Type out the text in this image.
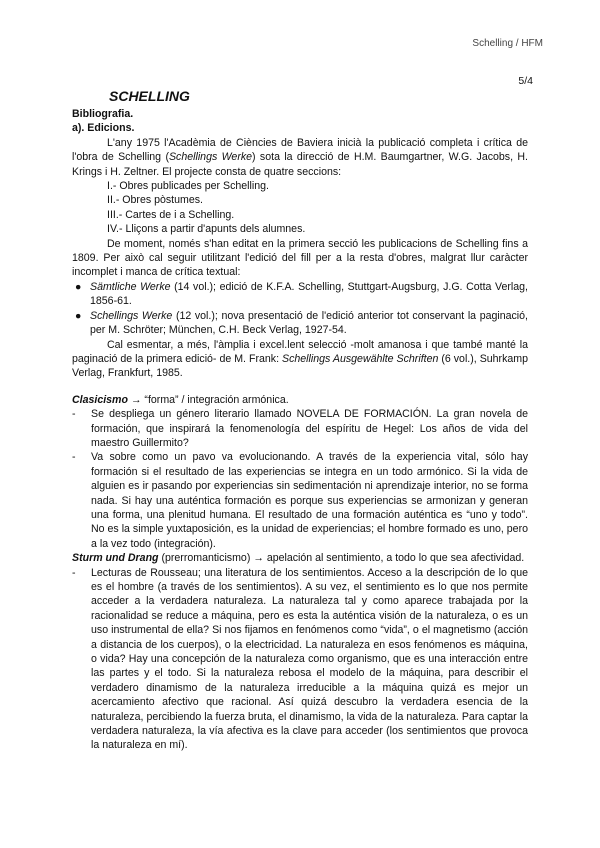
Schelling / HFM
5/4
SCHELLING
Bibliografia.
a). Edicions.

L'any 1975 l'Acadèmia de Ciències de Baviera inicià la publicació completa i crítica de l'obra de Schelling (Schellings Werke) sota la direcció de H.M. Baumgartner, W.G. Jacobs, H. Krings i H. Zeltner. El projecte consta de quatre seccions:

I.- Obres publicades per Schelling.
II.- Obres pòstumes.
III.- Cartes de i a Schelling.
IV.- Lliçons a partir d'apunts dels alumnes.

De moment, només s'han editat en la primera secció les publicacions de Schelling fins a 1809. Per això cal seguir utilitzant l'edició del fill per a la resta d'obres, malgrat llur caràcter incomplet i manca de crítica textual:

● Sämtliche Werke (14 vol.); edició de K.F.A. Schelling, Stuttgart-Augsburg, J.G. Cotta Verlag, 1856-61.
● Schellings Werke (12 vol.); nova presentació de l'edició anterior tot conservant la paginació, per M. Schröter; München, C.H. Beck Verlag, 1927-54.

Cal esmentar, a més, l'àmplia i excel.lent selecció -molt amanosa i que també manté la paginació de la primera edició- de M. Frank: Schellings Ausgewählte Schriften (6 vol.), Suhrkamp Verlag, Frankfurt, 1985.

Clasicismo → “forma” / integración armónica.
- Se despliega un género literario llamado NOVELA DE FORMACIÓN. La gran novela de formación, que inspirará la fenomenología del espíritu de Hegel: Los años de vida del maestro Guillermito?
- Va sobre como un pavo va evolucionando. A través de la experiencia vital, sólo hay formación si el resultado de las experiencias se integra en un todo armónico. Si la vida de alguien es ir pasando por experiencias sin sedimentación ni aprendizaje interior, no se forma nada. Si hay una auténtica formación es porque sus experiencias se armonizan y generan una forma, una plenitud humana. El resultado de una formación auténtica es “uno y todo”. No es la simple yuxtaposición, es la unidad de experiencias; el hombre formado es uno, pero a la vez todo (integración).
Sturm und Drang (prerromanticismo) → apelación al sentimiento, a todo lo que sea afectividad.
- Lecturas de Rousseau; una literatura de los sentimientos. Acceso a la descripción de lo que es el hombre (a través de los sentimientos). A su vez, el sentimiento es lo que nos permite acceder a la verdadera naturaleza. La naturaleza tal y como aparece trabajada por la racionalidad se reduce a máquina, pero es esta la auténtica visión de la naturaleza, o es un uso instrumental de ella? Si nos fijamos en fenómenos como “vida”, o el magnetismo (acción a distancia de los cuerpos), o la electricidad. La naturaleza en esos fenómenos es máquina, o vida? Hay una concepción de la naturaleza como organismo, que es una interacción entre las partes y el todo. Si la naturaleza rebosa el modelo de la máquina, para describir el verdadero dinamismo de la naturaleza irreducible a la máquina quizá es mejor un acercamiento afectivo que racional. Así quizá descubro la verdadera esencia de la naturaleza, percibiendo la fuerza bruta, el dinamismo, la vida de la naturaleza. Para captar la verdadera naturaleza, la vía afectiva es la clave para acceder (los sentimientos que provoca la naturaleza en mí).
